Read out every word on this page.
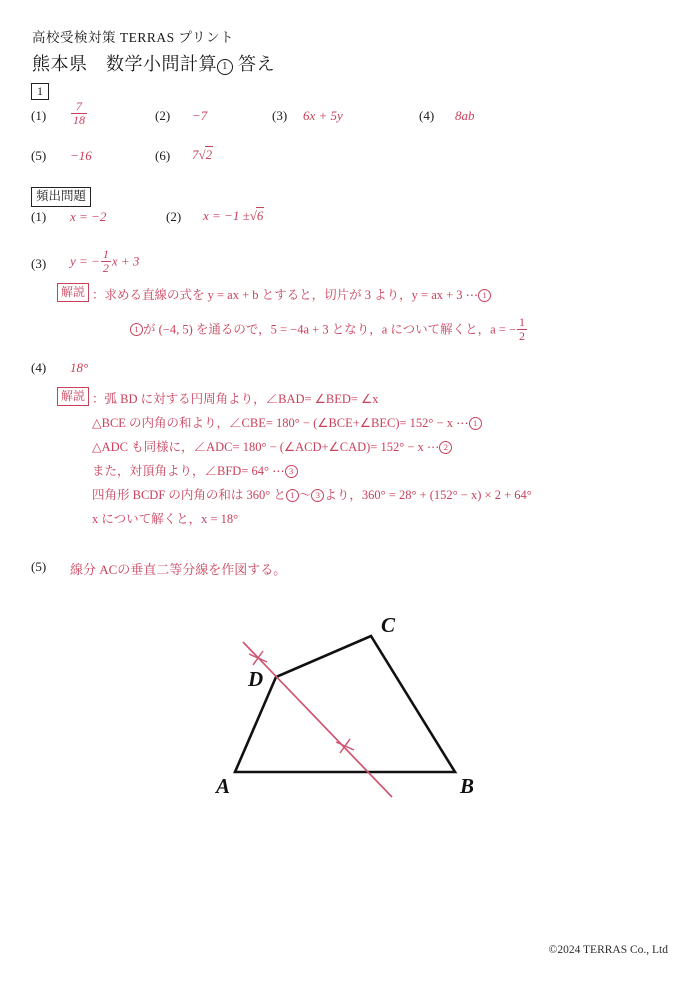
高校受検対策 TERRAS プリント
熊本県　数学小問計算 1 答え
1
$(1) \frac{7}{18}$	(2) −7	(3) 6x + 5y	(4) 8ab
(5) −16	(6) 7√2
頻出問題
(1) x = −2	(2) x = −1 ±√6
(3) y = − $\frac{1}{2}$ x + 3
解説 ：求める直線の式を y = ax + b とすると，切片が 3 より，y = ax + 3 ⋯ 1
1 が (−4, 5) を通るので，5 = −4a + 3 となり，a について解くと，a = − $\frac{1}{2}$
(4) 18°
解説 ：弧 BD に対する円周角より，∠BAD= ∠BED= ∠x
△BCE の内角の和より，∠CBE= 180° − (∠BCE+∠BEC)= 152° − x ⋯ 1
△ADC も同様に，∠ADC= 180° − (∠ACD+∠CAD)= 152° − x ⋯ 2
また，対頂角より，∠BFD= 64° ⋯ 3
四角形 BCDF の内角の和は 360° と 1 〜 3 より，360° = 28° + (152° − x) × 2 + 64°
x について解くと，x = 18°
(5) 線分 ACの垂直二等分線を作図する。
A	B
C
D
©2024 TERRAS Co., Ltd
